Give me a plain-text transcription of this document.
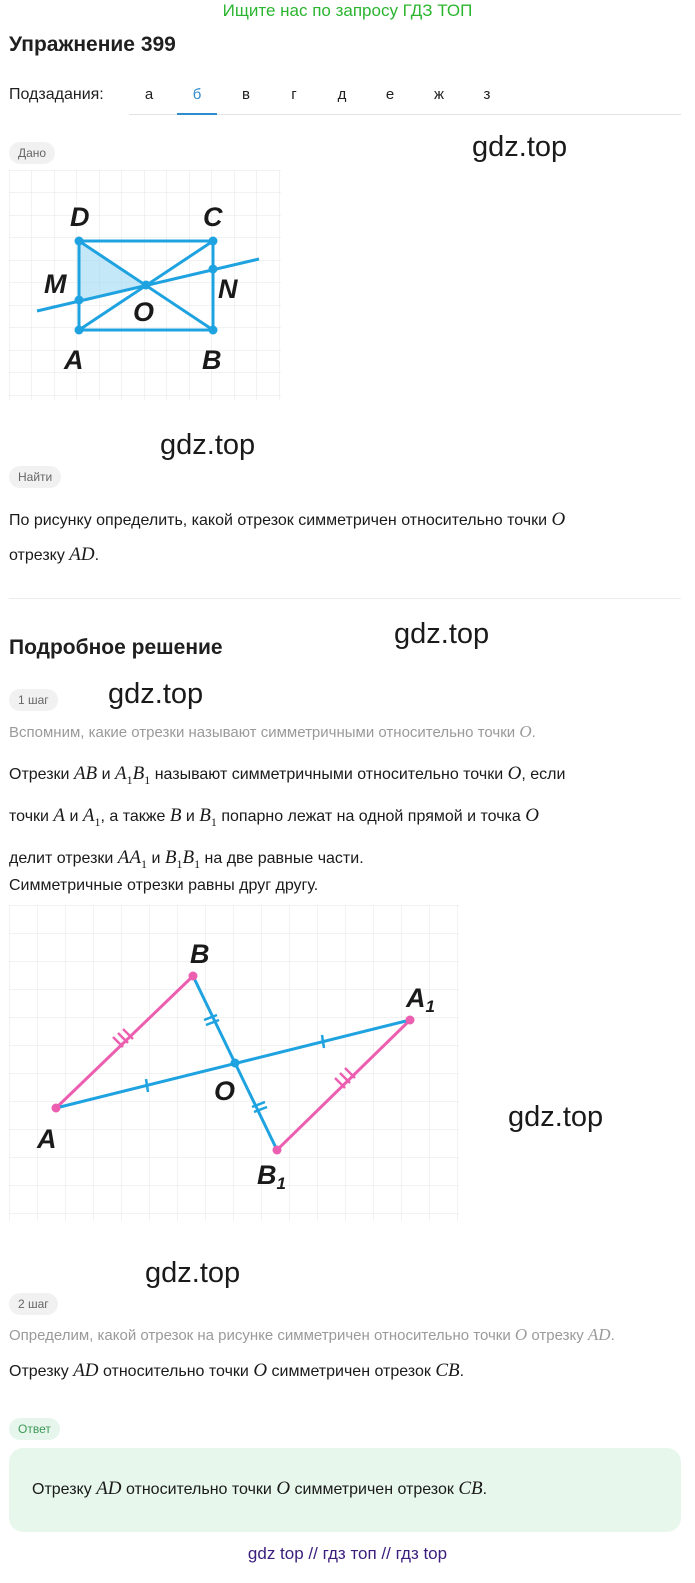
Ищите нас по запросу ГДЗ ТОП
Упражнение 399
Подзадания:	а	б	в	г	д	е	ж	з
Дано	gdz.top
D	C
M	N
O
A	B
gdz.top
Найти
По рисунку определить, какой отрезок симметричен относительно точки O
отрезку AD.
Подробное решение	gdz.top
1 шаг	gdz.top
Вспомним, какие отрезки называют симметричными относительно точки O.
Отрезки AB и $A_1B_1$ называют симметричными относительно точки O, если
точки A и $A_1$, а также B и $B_1$ попарно лежат на одной прямой и точка O
делит отрезки $AA_1$ и $B_1B_1$ на две равные части.
Симметричные отрезки равны друг другу.
B
A
O
A1
B1
gdz.top
gdz.top
2 шаг
Определим, какой отрезок на рисунке симметричен относительно точки O отрезку AD.
Отрезку AD относительно точки O симметричен отрезок CB.
Ответ
Отрезку AD относительно точки O симметричен отрезок CB.
gdz top // гдз топ // гдз top
